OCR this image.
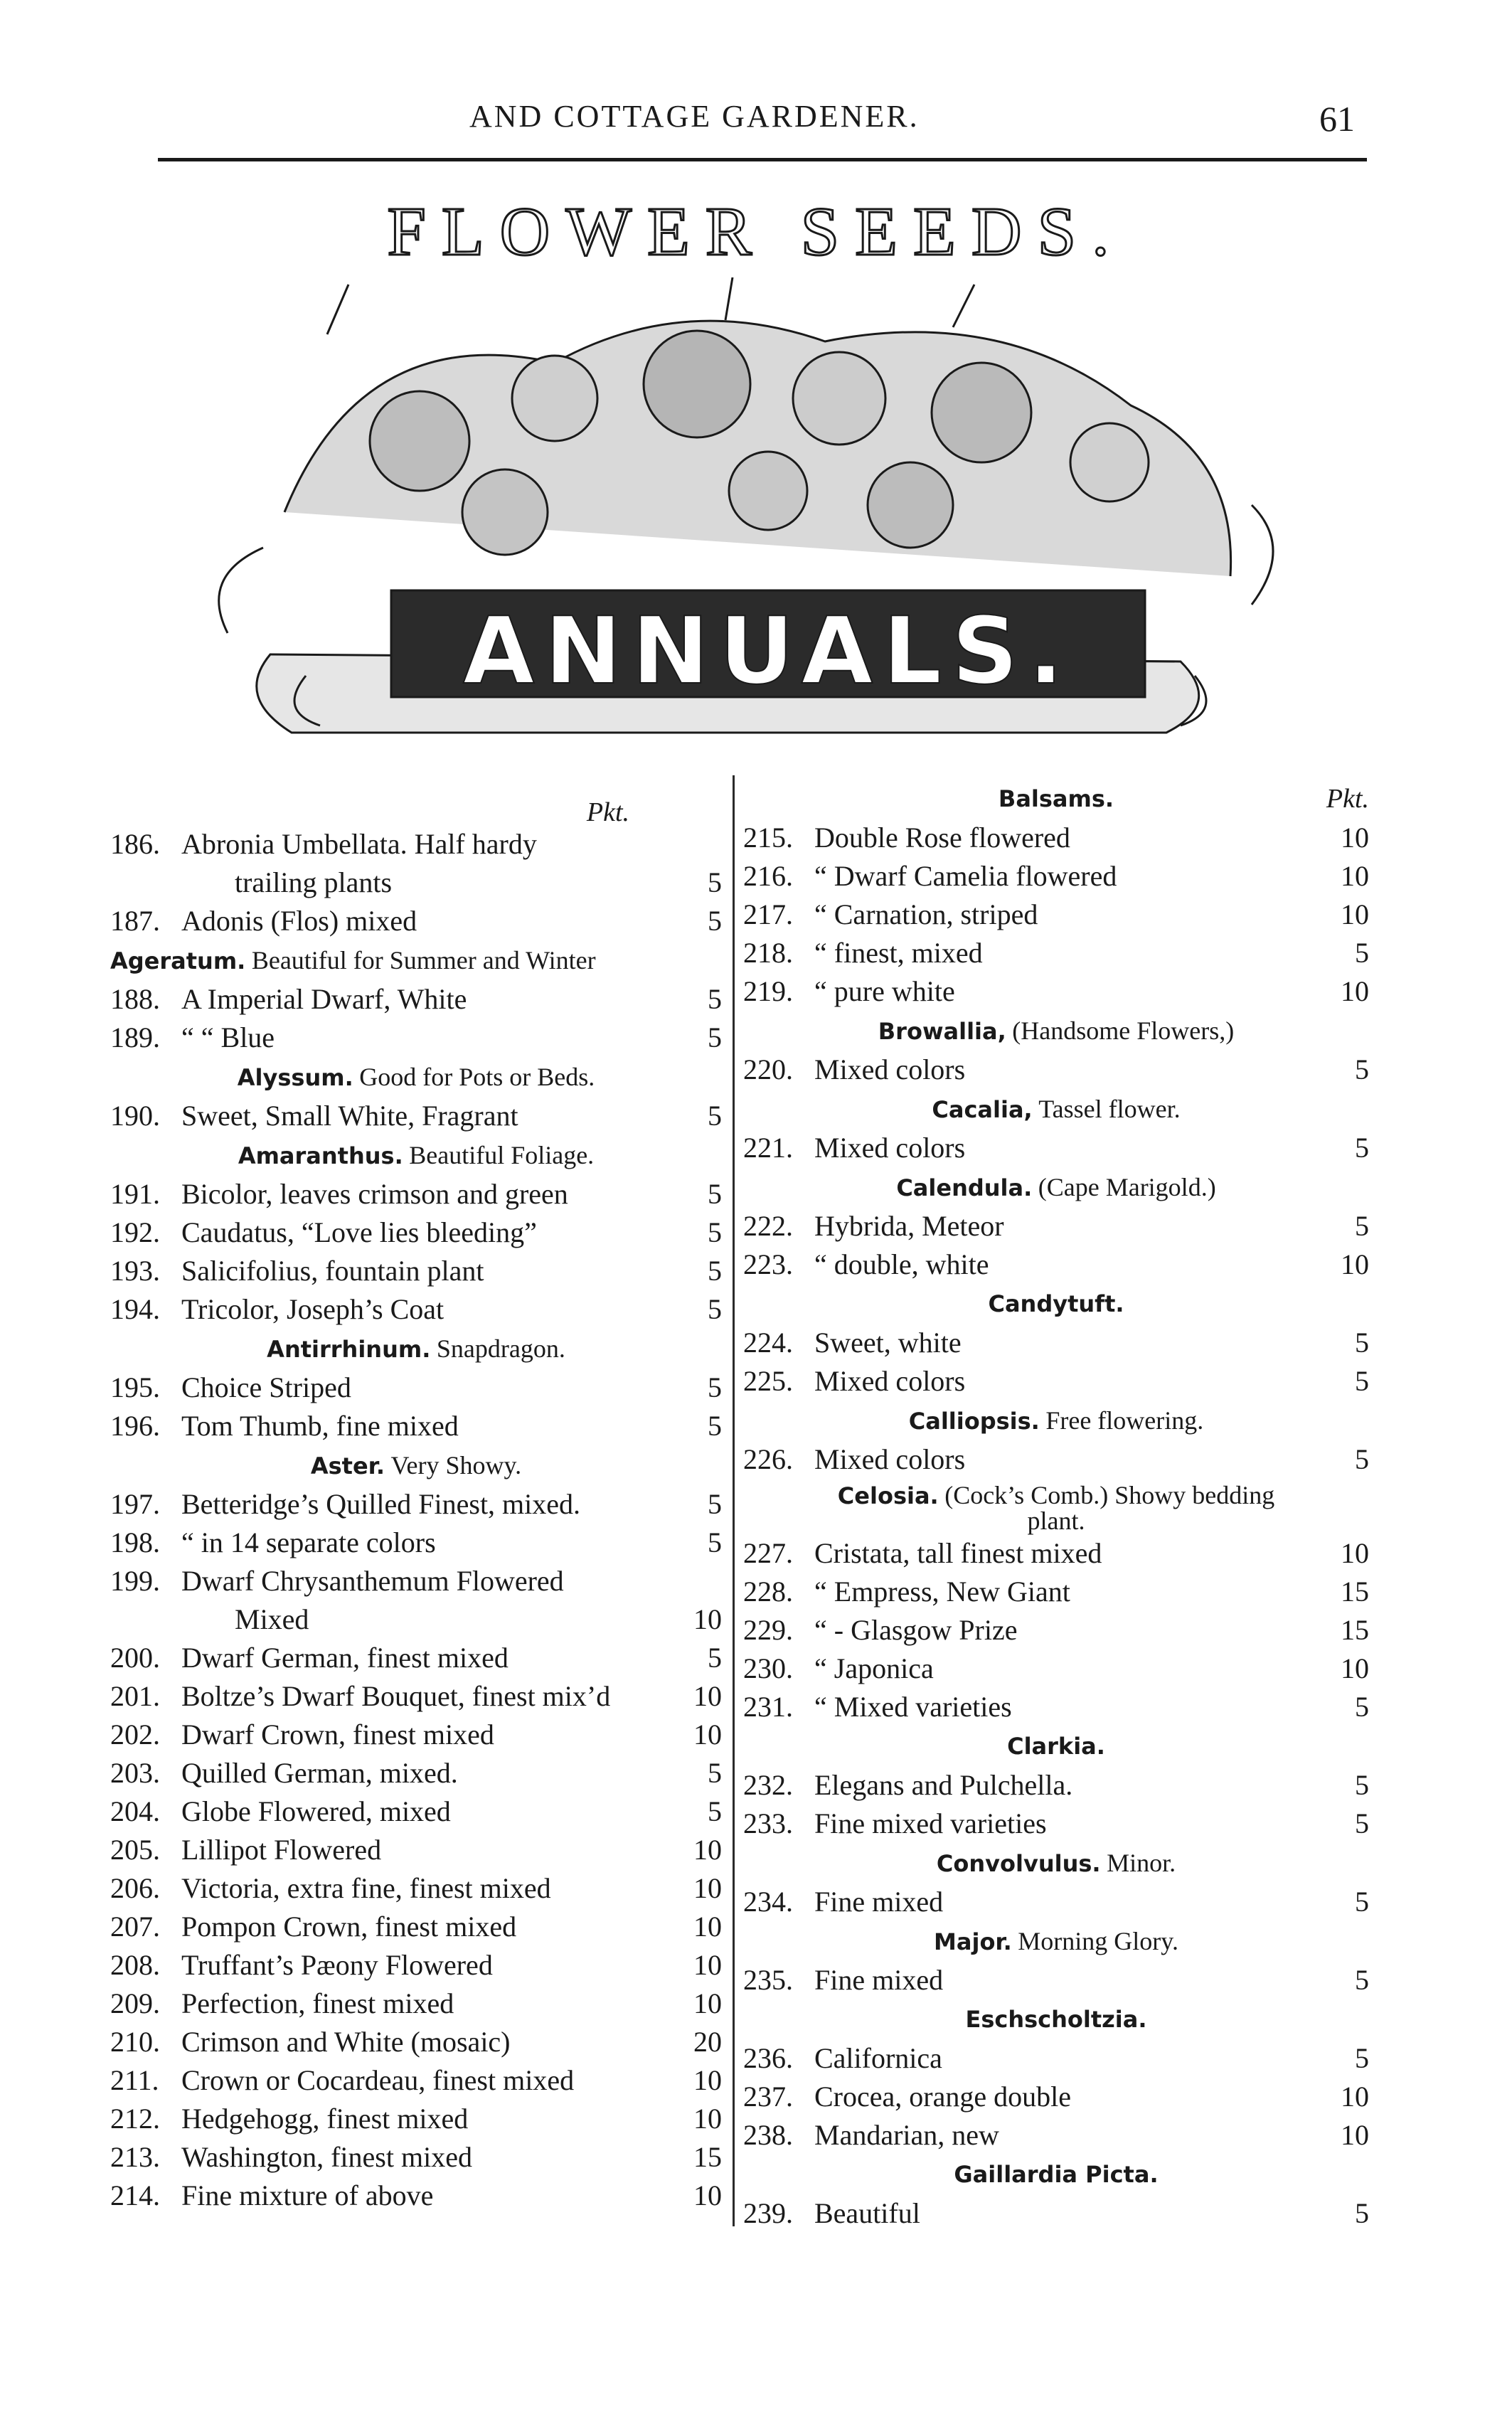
AND COTTAGE GARDENER.	61
FLOWER SEEDS.
ANNUALS.
Pkt.
186. Abronia Umbellata. Half hardy
trailing plants	5
187. Adonis (Flos) mixed	5
Ageratum. Beautiful for Summer and Winter
188. A Imperial Dwarf, White	5
189. “ “ Blue	5
Alyssum. Good for Pots or Beds.
190. Sweet, Small White, Fragrant	5
Amaranthus. Beautiful Foliage.
191. Bicolor, leaves crimson and green	5
192. Caudatus, “Love lies bleeding”	5
193. Salicifolius, fountain plant	5
194. Tricolor, Joseph’s Coat	5
Antirrhinum. Snapdragon.
195. Choice Striped	5
196. Tom Thumb, fine mixed	5
Aster. Very Showy.
197. Betteridge’s Quilled Finest, mixed.	5
198. “ in 14 separate colors	5
199. Dwarf Chrysanthemum Flowered
Mixed	10
200. Dwarf German, finest mixed	5
201. Boltze’s Dwarf Bouquet, finest mix’d	10
202. Dwarf Crown, finest mixed	10
203. Quilled German, mixed.	5
204. Globe Flowered, mixed	5
205. Lillipot Flowered	10
206. Victoria, extra fine, finest mixed	10
207. Pompon Crown, finest mixed	10
208. Truffant’s Pæony Flowered	10
209. Perfection, finest mixed	10
210. Crimson and White (mosaic)	20
211. Crown or Cocardeau, finest mixed	10
212. Hedgehogg, finest mixed	10
213. Washington, finest mixed	15
214. Fine mixture of above	10
Balsams.	Pkt.
215. Double Rose flowered	10
216. “ Dwarf Camelia flowered	10
217. “ Carnation, striped	10
218. “ finest, mixed	5
219. “ pure white	10
Browallia, (Handsome Flowers,)
220. Mixed colors	5
Cacalia, Tassel flower.
221. Mixed colors	5
Calendula. (Cape Marigold.)
222. Hybrida, Meteor	5
223. “ double, white	10
Candytuft.
224. Sweet, white	5
225. Mixed colors	5
Calliopsis. Free flowering.
226. Mixed colors	5
Celosia. (Cock’s Comb.) Showy bedding
plant.
227. Cristata, tall finest mixed	10
228. “ Empress, New Giant	15
229. “ - Glasgow Prize	15
230. “ Japonica	10
231. “ Mixed varieties	5
Clarkia.
232. Elegans and Pulchella.	5
233. Fine mixed varieties	5
Convolvulus. Minor.
234. Fine mixed	5
Major. Morning Glory.
235. Fine mixed	5
Eschscholtzia.
236. Californica	5
237. Crocea, orange double	10
238. Mandarian, new	10
Gaillardia Picta.
239. Beautiful	5
